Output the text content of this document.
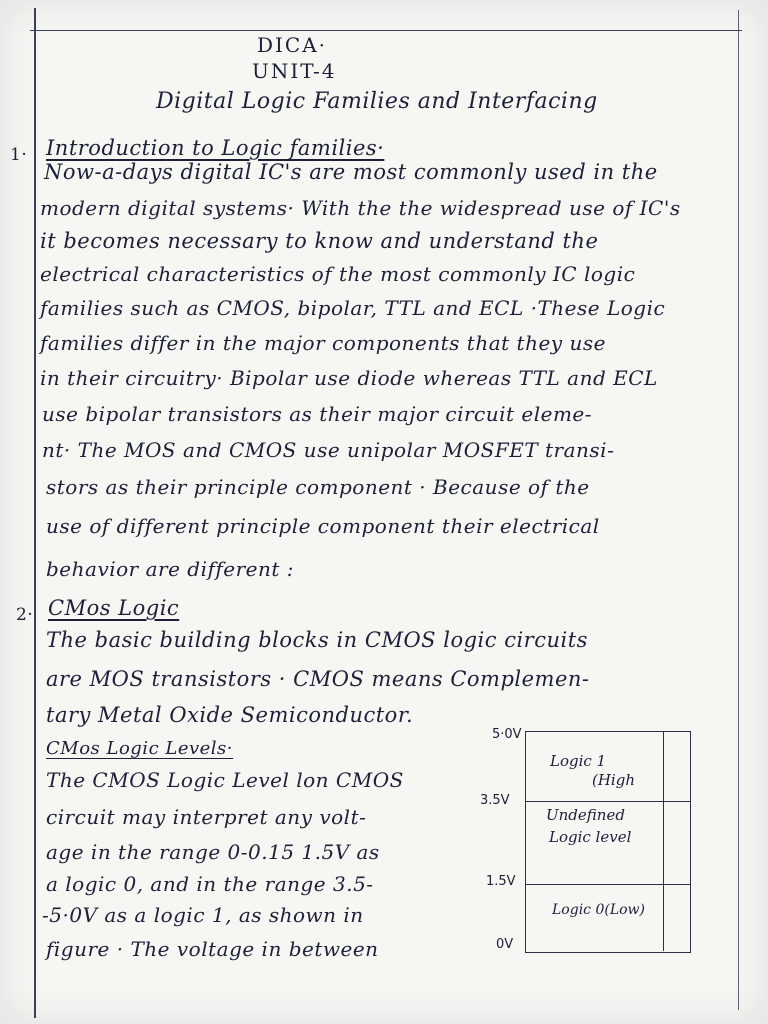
DICA·
UNIT-4
Digital Logic Families and Interfacing
1· Introduction to Logic families·
Now-a-days digital IC's are most commonly used in the
modern digital systems· With the the widespread use of IC's
it becomes necessary to know and understand the
electrical characteristics of the most commonly IC logic
families such as CMOS, bipolar, TTL and ECL ·These Logic
families differ in the major components that they use
in their circuitry· Bipolar use diode whereas TTL and ECL
use bipolar transistors as their major circuit eleme-
nt· The MOS and CMOS use unipolar MOSFET transi-
stors as their principle component · Because of the
use of different principle component their electrical
behavior are different :
2· CMos Logic
The basic building blocks in CMOS logic circuits
are MOS transistors · CMOS means Complemen-
tary Metal Oxide Semiconductor.
CMos Logic Levels·
The CMOS Logic Level lon CMOS
circuit may interpret any volt-
age in the range 0-0.15 1.5V as
a logic 0, and in the range 3.5-
-5·0V as a logic 1, as shown in
figure · The voltage in between
5·0V
3.5V
1.5V
0V
Logic 1
(High
Undefined
Logic level
Logic 0(Low)
